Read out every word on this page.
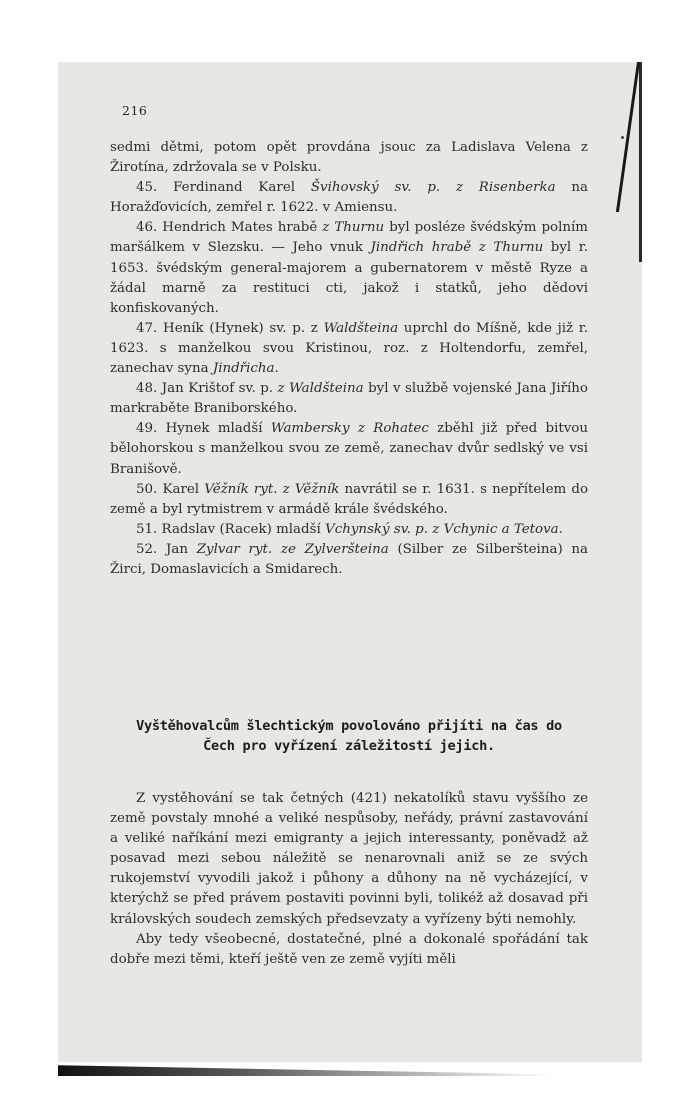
216

sedmi dětmi, potom opět provdána jsouc za Ladislava Velena z Žirotína, zdržovala se v Polsku.

45. Ferdinand Karel Švihovský sv. p. z Risenberka na Horažďovicích, zemřel r. 1622. v Amiensu.

46. Hendrich Mates hrabě z Thurnu byl posléze švédským polním maršálkem v Slezsku. — Jeho vnuk Jindřich hrabě z Thurnu byl r. 1653. švédským general-majorem a gubernatorem v městě Ryze a žádal marně za restituci cti, jakož i statků, jeho dědovi konfiskovaných.

47. Heník (Hynek) sv. p. z Waldšteina uprchl do Míšně, kde již r. 1623. s manželkou svou Kristinou, roz. z Holtendorfu, zemřel, zanechav syna Jindřicha.

48. Jan Krištof sv. p. z Waldšteina byl v službě vojenské Jana Jiřího markraběte Braniborského.

49. Hynek mladší Wambersky z Rohatec zběhl již před bitvou bělohorskou s manželkou svou ze země, zanechav dvůr sedlský ve vsi Branišově.

50. Karel Věžník ryt. z Věžník navrátil se r. 1631. s nepřítelem do země a byl rytmistrem v armádě krále švédského.

51. Radslav (Racek) mladší Vchynský sv. p. z Vchynic a Tetova.

52. Jan Zylvar ryt. ze Zylveršteina (Silber ze Silberšteina) na Žirci, Domaslavicích a Smidarech.

Vyštěhovalcům šlechtickým povolováno přijíti na čas do
Čech pro vyřízení záležitostí jejich.

Z vystěhování se tak četných (421) nekatolíků stavu vyššího ze země povstaly mnohé a veliké nespůsoby, neřády, právní zastavování a veliké naříkání mezi emigranty a jejich interessanty, poněvadž až posavad mezi sebou náležitě se nenarovnali aniž se ze svých rukojemství vyvodili jakož i půhony a důhony na ně vycházející, v kterýchž se před právem postaviti povinni byli, tolikéž až dosavad při královských soudech zemských předsevzaty a vyřízeny býti nemohly.

Aby tedy všeobecné, dostatečné, plné a dokonalé spořádání tak dobře mezi těmi, kteří ještě ven ze země vyjíti měli
